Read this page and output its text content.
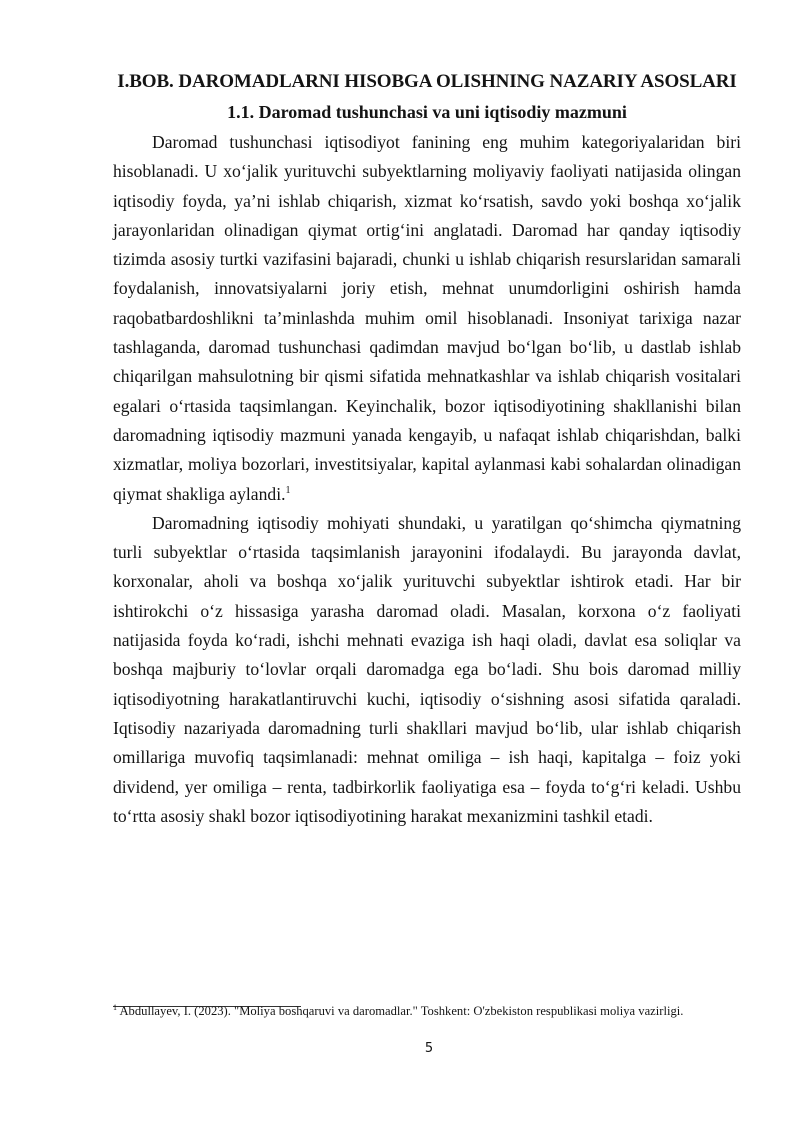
I.BOB. DAROMADLARNI HISOBGA OLISHNING NAZARIY ASOSLARI
1.1. Daromad tushunchasi va uni iqtisodiy mazmuni

Daromad tushunchasi iqtisodiyot fanining eng muhim kategoriyalaridan biri hisoblanadi. U xo‘jalik yurituvchi subyektlarning moliyaviy faoliyati natijasida olingan iqtisodiy foyda, ya’ni ishlab chiqarish, xizmat ko‘rsatish, savdo yoki boshqa xo‘jalik jarayonlaridan olinadigan qiymat ortig‘ini anglatadi. Daromad har qanday iqtisodiy tizimda asosiy turtki vazifasini bajaradi, chunki u ishlab chiqarish resurslaridan samarali foydalanish, innovatsiyalarni joriy etish, mehnat unumdorligini oshirish hamda raqobatbardoshlikni ta’minlashda muhim omil hisoblanadi. Insoniyat tarixiga nazar tashlaganda, daromad tushunchasi qadimdan mavjud bo‘lgan bo‘lib, u dastlab ishlab chiqarilgan mahsulotning bir qismi sifatida mehnatkashlar va ishlab chiqarish vositalari egalari o‘rtasida taqsimlangan. Keyinchalik, bozor iqtisodiyotining shakllanishi bilan daromadning iqtisodiy mazmuni yanada kengayib, u nafaqat ishlab chiqarishdan, balki xizmatlar, moliya bozorlari, investitsiyalar, kapital aylanmasi kabi sohalardan olinadigan qiymat shakliga aylandi.$^1$

Daromadning iqtisodiy mohiyati shundaki, u yaratilgan qo‘shimcha qiymatning turli subyektlar o‘rtasida taqsimlanish jarayonini ifodalaydi. Bu jarayonda davlat, korxonalar, aholi va boshqa xo‘jalik yurituvchi subyektlar ishtirok etadi. Har bir ishtirokchi o‘z hissasiga yarasha daromad oladi. Masalan, korxona o‘z faoliyati natijasida foyda ko‘radi, ishchi mehnati evaziga ish haqi oladi, davlat esa soliqlar va boshqa majburiy to‘lovlar orqali daromadga ega bo‘ladi. Shu bois daromad milliy iqtisodiyotning harakatlantiruvchi kuchi, iqtisodiy o‘sishning asosi sifatida qaraladi. Iqtisodiy nazariyada daromadning turli shakllari mavjud bo‘lib, ular ishlab chiqarish omillariga muvofiq taqsimlanadi: mehnat omiliga – ish haqi, kapitalga – foiz yoki dividend, yer omiliga – renta, tadbirkorlik faoliyatiga esa – foyda to‘g‘ri keladi. Ushbu to‘rtta asosiy shakl bozor iqtisodiyotining harakat mexanizmini tashkil etadi.

$^1$ Abdullayev, I. (2023). "Moliya boshqaruvi va daromadlar." Toshkent: O'zbekiston respublikasi moliya vazirligi.
5
